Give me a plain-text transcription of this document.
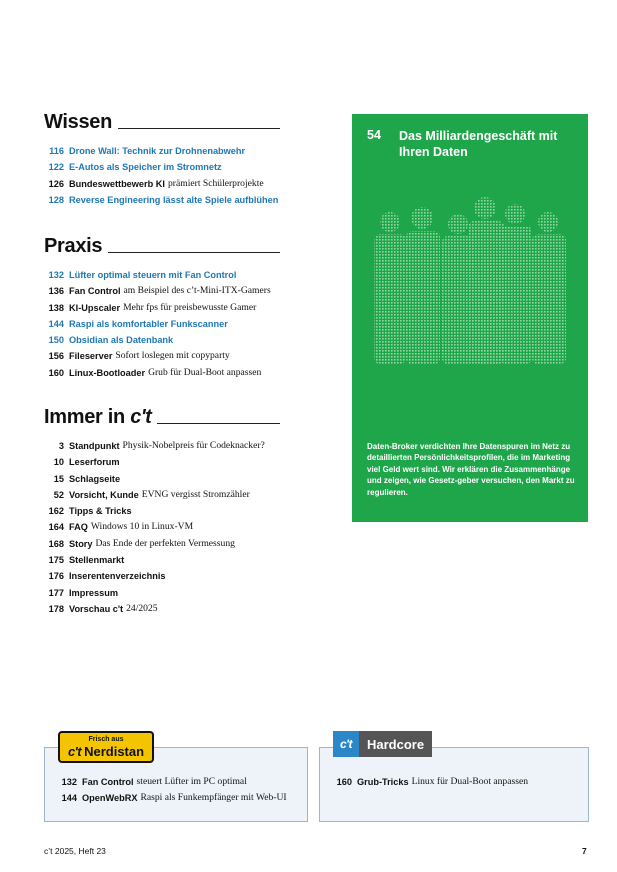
Wissen
116 Drone Wall: Technik zur Drohnenabwehr
122 E-Autos als Speicher im Stromnetz
126 Bundeswettbewerb KI prämiert Schülerprojekte
128 Reverse Engineering lässt alte Spiele aufblühen
Praxis
132 Lüfter optimal steuern mit Fan Control
136 Fan Control am Beispiel des c’t-Mini-ITX-Gamers
138 KI-Upscaler Mehr fps für preisbewusste Gamer
144 Raspi als komfortabler Funkscanner
150 Obsidian als Datenbank
156 Fileserver Sofort loslegen mit copyparty
160 Linux-Bootloader Grub für Dual-Boot anpassen
Immer in c't
3 Standpunkt Physik-Nobelpreis für Codeknacker?
10 Leserforum
15 Schlagseite
52 Vorsicht, Kunde EVNG vergisst Stromzähler
162 Tipps & Tricks
164 FAQ Windows 10 in Linux-VM
168 Story Das Ende der perfekten Vermessung
175 Stellenmarkt
176 Inserentenverzeichnis
177 Impressum
178 Vorschau c't 24/2025
54 Das Milliardengeschäft mit Ihren Daten
Daten-Broker verdichten Ihre Datenspuren im Netz zu detaillierten Persönlichkeitsprofilen, die im Marketing viel Geld wert sind. Wir erklären die Zusammenhänge und zeigen, wie Gesetz-geber versuchen, den Markt zu regulieren.
132 Fan Control steuert Lüfter im PC optimal
144 OpenWebRX Raspi als Funkempfänger mit Web-UI
Frisch aus
c't Nerdistan
160 Grub-Tricks Linux für Dual-Boot anpassen
c't	Hardcore
c’t 2025, Heft 23	7
